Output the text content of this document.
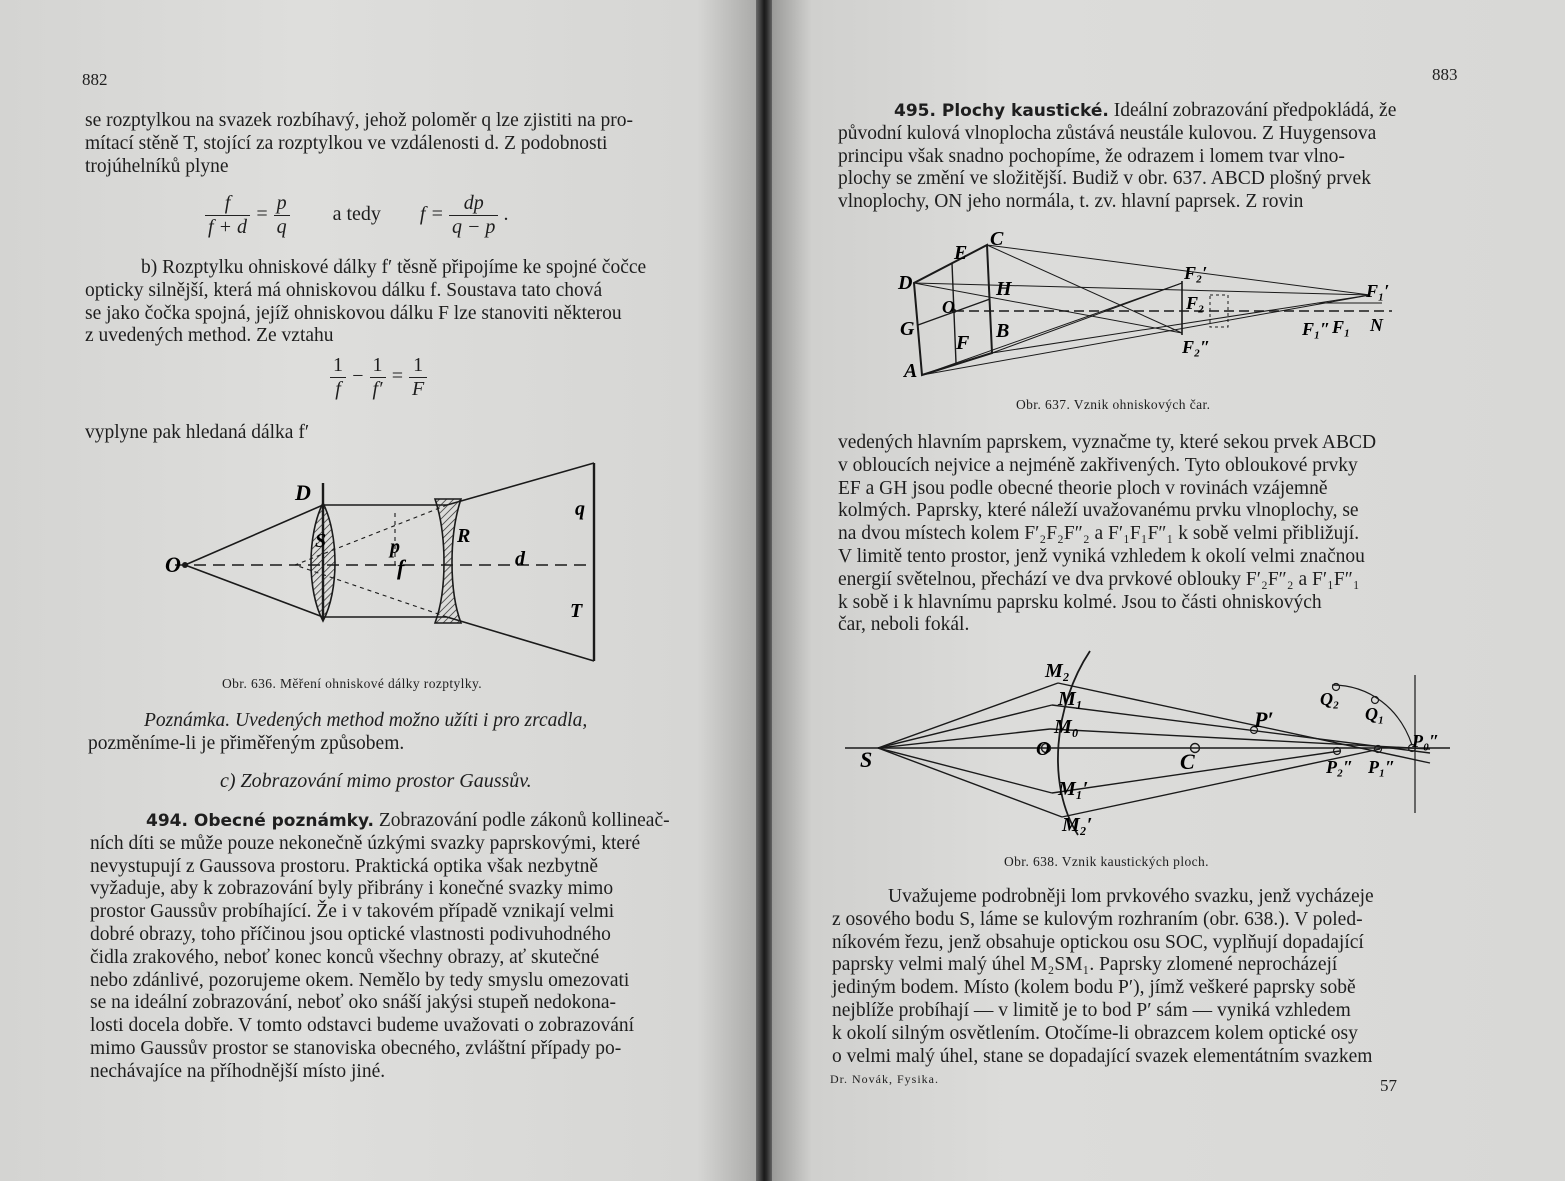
882

se rozptylkou na svazek rozbíhavý, jehož poloměr q lze zjistiti na pro-

mítací stěně T, stojící za rozptylkou ve vzdálenosti d. Z podobnosti

trojúhelníků plyne

$\frac{f}{f + d} = \frac{p}{q}$ a tedy $f = \frac{dp}{q - p}$ .

b) Rozptylku ohniskové dálky f′ těsně připojíme ke spojné čočce

opticky silnější, která má ohniskovou dálku f. Soustava tato chová

se jako čočka spojná, jejíž ohniskovou dálku F lze stanoviti některou

z uvedených method. Ze vztahu

$\frac{1}{f} - \frac{1}{f'} = \frac{1}{F}$
vyplyne pak hledaná dálka f′
D
S	R
q
O
p
f	d
T
Obr. 636. Měření ohniskové dálky rozptylky.

Poznámka. Uvedených method možno užíti i pro zrcadla,

pozměníme-li je přiměřeným způsobem.

c) Zobrazování mimo prostor Gaussův.

494. Obecné poznámky. Zobrazování podle zákonů kollineač-

ních díti se může pouze nekonečně úzkými svazky paprskovými, které

nevystupují z Gaussova prostoru. Praktická optika však nezbytně

vyžaduje, aby k zobrazování byly přibrány i konečné svazky mimo

prostor Gaussův probíhající. Že i v takovém případě vznikají velmi

dobré obrazy, toho příčinou jsou optické vlastnosti podivuhodného

čidla zrakového, neboť konec konců všechny obrazy, ať skutečné

nebo zdánlivé, pozorujeme okem. Nemělo by tedy smyslu omezovati

se na ideální zobrazování, neboť oko snáší jakýsi stupeň nedokona-

losti docela dobře. V tomto odstavci budeme uvažovati o zobrazování

mimo Gaussův prostor se stanoviska obecného, zvláštní případy po-

nechávajíce na příhodnější místo jiné.

883

495. Plochy kaustické. Ideální zobrazování předpokládá, že

původní kulová vlnoplocha zůstává neustále kulovou. Z Huygensova

principu však snadno pochopíme, že odrazem i lomem tvar vlno-

plochy se změní ve složitější. Budiž v obr. 637. ABCD plošný prvek

vlnoplochy, ON jeho normála, t. zv. hlavní paprsek. Z rovin

E
C
D	H
O
G
F
B
A
F₂′
F₂
F₂″
F₁′
F₁″ F₁ N
Obr. 637. Vznik ohniskových čar.

vedených hlavním paprskem, vyznačme ty, které sekou prvek ABCD

v obloucích nejvice a nejméně zakřivených. Tyto obloukové prvky

EF a GH jsou podle obecné theorie ploch v rovinách vzájemně

kolmých. Paprsky, které náleží uvažovanému prvku vlnoplochy, se

na dvou místech kolem F′₂F₂F″₂ a F′₁F₁F″₁ k sobě velmi přibližují.

V limitě tento prostor, jenž vyniká vzhledem k okolí velmi značnou

energií světelnou, přechází ve dva prvkové oblouky F′₂F″₂ a F′₁F″₁

k sobě i k hlavnímu paprsku kolmé. Jsou to části ohniskových

čar, neboli fokál.

M₂
M₁
M₀
O
M₁′
M₂′
S	C
P′
Q₂
Q₁
P₀″
P₂″ P₁″
Obr. 638. Vznik kaustických ploch.

Uvažujeme podrobněji lom prvkového svazku, jenž vycházeje

z osového bodu S, láme se kulovým rozhraním (obr. 638.). V poled-

níkovém řezu, jenž obsahuje optickou osu SOC, vyplňují dopadající

paprsky velmi malý úhel M₂SM₁. Paprsky zlomené neprocházejí

jediným bodem. Místo (kolem bodu P′), jímž veškeré paprsky sobě

nejblíže probíhají — v limitě je to bod P′ sám — vyniká vzhledem

k okolí silným osvětlením. Otočíme-li obrazcem kolem optické osy

o velmi malý úhel, stane se dopadající svazek elementátním svazkem

Dr. Novák, Fysika.	57
